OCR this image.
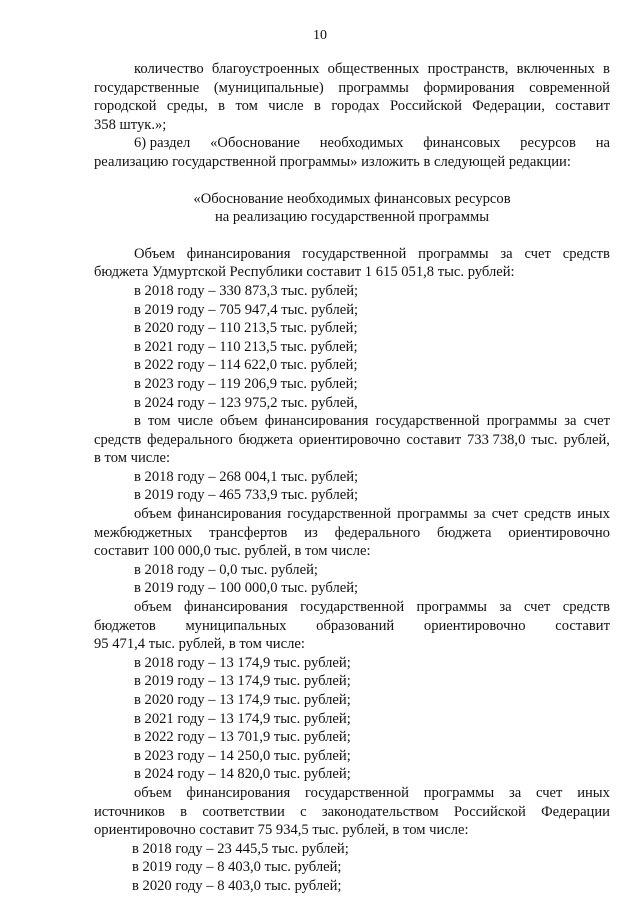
10
количество благоустроенных общественных пространств, включенных в
государственные (муниципальные) программы формирования современной
городской среды, в том числе в городах Российской Федерации, составит
358 штук.»;
6) раздел «Обоснование необходимых финансовых ресурсов на
реализацию государственной программы» изложить в следующей редакции:
«Обоснование необходимых финансовых ресурсов
на реализацию государственной программы
Объем финансирования государственной программы за счет средств
бюджета Удмуртской Республики составит 1 615 051,8 тыс. рублей:
в 2018 году – 330 873,3 тыс. рублей;
в 2019 году – 705 947,4 тыс. рублей;
в 2020 году – 110 213,5 тыс. рублей;
в 2021 году – 110 213,5 тыс. рублей;
в 2022 году – 114 622,0 тыс. рублей;
в 2023 году – 119 206,9 тыс. рублей;
в 2024 году – 123 975,2 тыс. рублей,
в том числе объем финансирования государственной программы за счет
средств федерального бюджета ориентировочно составит 733 738,0 тыс. рублей,
в том числе:
в 2018 году – 268 004,1 тыс. рублей;
в 2019 году – 465 733,9 тыс. рублей;
объем финансирования государственной программы за счет средств иных
межбюджетных трансфертов из федерального бюджета ориентировочно
составит 100 000,0 тыс. рублей, в том числе:
в 2018 году – 0,0 тыс. рублей;
в 2019 году – 100 000,0 тыс. рублей;
объем финансирования государственной программы за счет средств
бюджетов муниципальных образований ориентировочно составит
95 471,4 тыс. рублей, в том числе:
в 2018 году – 13 174,9 тыс. рублей;
в 2019 году – 13 174,9 тыс. рублей;
в 2020 году – 13 174,9 тыс. рублей;
в 2021 году – 13 174,9 тыс. рублей;
в 2022 году – 13 701,9 тыс. рублей;
в 2023 году – 14 250,0 тыс. рублей;
в 2024 году – 14 820,0 тыс. рублей;
объем финансирования государственной программы за счет иных
источников в соответствии с законодательством Российской Федерации
ориентировочно составит 75 934,5 тыс. рублей, в том числе:
в 2018 году – 23 445,5 тыс. рублей;
в 2019 году – 8 403,0 тыс. рублей;
в 2020 году – 8 403,0 тыс. рублей;
